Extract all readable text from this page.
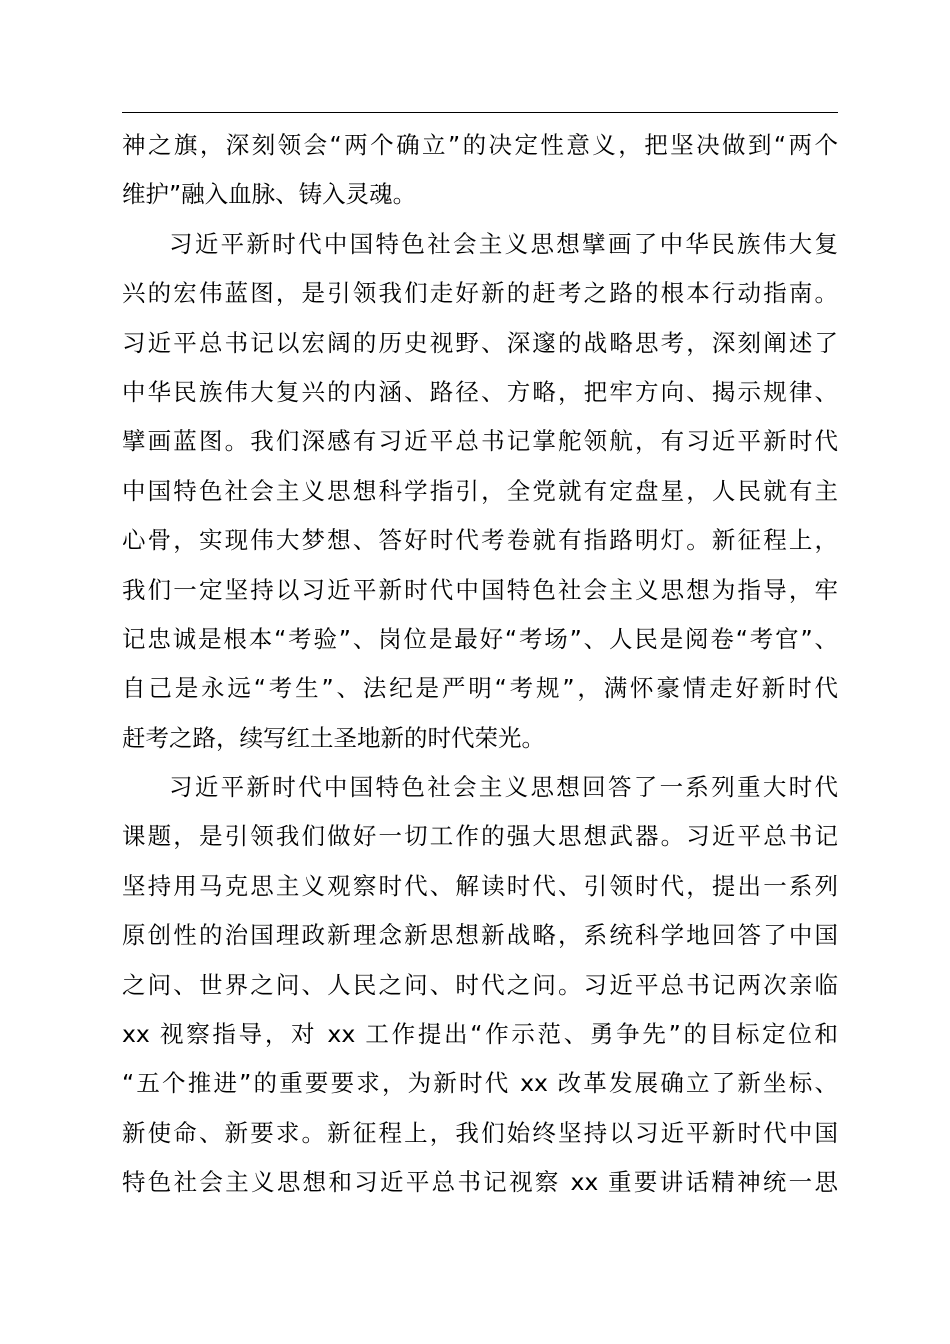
神之旗，深刻领会“两个确立”的决定性意义，把坚决做到“两个
维护”融入血脉、铸入灵魂。
习近平新时代中国特色社会主义思想擘画了中华民族伟大复
兴的宏伟蓝图，是引领我们走好新的赶考之路的根本行动指南。
习近平总书记以宏阔的历史视野、深邃的战略思考，深刻阐述了
中华民族伟大复兴的内涵、路径、方略，把牢方向、揭示规律、
擘画蓝图。我们深感有习近平总书记掌舵领航，有习近平新时代
中国特色社会主义思想科学指引，全党就有定盘星，人民就有主
心骨，实现伟大梦想、答好时代考卷就有指路明灯。新征程上，
我们一定坚持以习近平新时代中国特色社会主义思想为指导，牢
记忠诚是根本“考验”、岗位是最好“考场”、人民是阅卷“考官”、
自己是永远“考生”、法纪是严明“考规”，满怀豪情走好新时代
赶考之路，续写红土圣地新的时代荣光。
习近平新时代中国特色社会主义思想回答了一系列重大时代
课题，是引领我们做好一切工作的强大思想武器。习近平总书记
坚持用马克思主义观察时代、解读时代、引领时代，提出一系列
原创性的治国理政新理念新思想新战略，系统科学地回答了中国
之问、世界之问、人民之问、时代之问。习近平总书记两次亲临
xx 视察指导，对 xx 工作提出“作示范、勇争先”的目标定位和
“五个推进”的重要要求，为新时代 xx 改革发展确立了新坐标、
新使命、新要求。新征程上，我们始终坚持以习近平新时代中国
特色社会主义思想和习近平总书记视察 xx 重要讲话精神统一思
